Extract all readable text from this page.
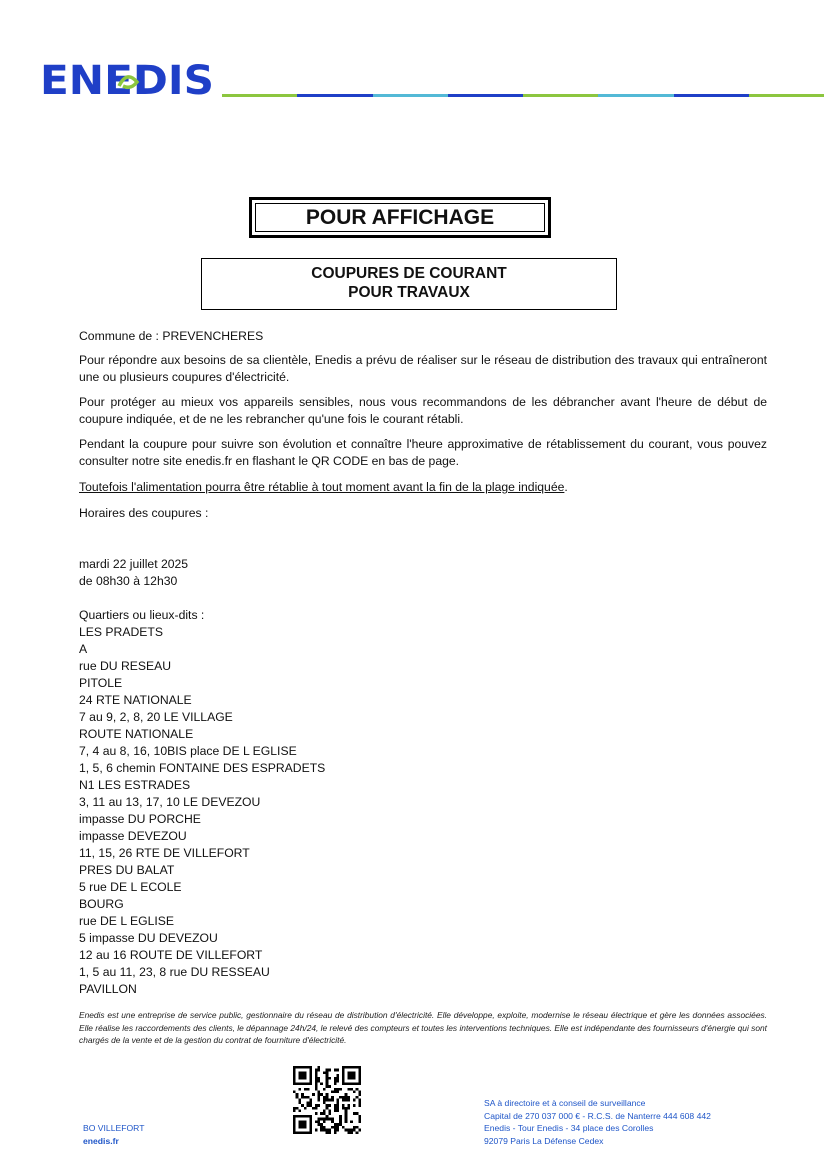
ENEDIS
POUR AFFICHAGE
COUPURES DE COURANT
POUR TRAVAUX
Commune de : PREVENCHERES
Pour répondre aux besoins de sa clientèle, Enedis a prévu de réaliser sur le réseau de distribution des travaux qui entraîneront une ou plusieurs coupures d'électricité.
Pour protéger au mieux vos appareils sensibles, nous vous recommandons de les débrancher avant l'heure de début de coupure indiquée, et de ne les rebrancher qu'une fois le courant rétabli.
Pendant la coupure pour suivre son évolution et connaître l'heure approximative de rétablissement du courant, vous pouvez consulter notre site enedis.fr en flashant le QR CODE en bas de page.
Toutefois l'alimentation pourra être rétablie à tout moment avant la fin de la plage indiquée.
Horaires des coupures :
mardi 22 juillet 2025
de 08h30 à 12h30
Quartiers ou lieux-dits :
LES PRADETS
A
rue DU RESEAU
PITOLE
24 RTE NATIONALE
7 au 9, 2, 8, 20 LE VILLAGE
ROUTE NATIONALE
7, 4 au 8, 16, 10BIS place DE L EGLISE
1, 5, 6 chemin FONTAINE DES ESPRADETS
N1 LES ESTRADES
3, 11 au 13, 17, 10 LE DEVEZOU
impasse DU PORCHE
impasse DEVEZOU
11, 15, 26 RTE DE VILLEFORT
PRES DU BALAT
5 rue DE L ECOLE
BOURG
rue DE L EGLISE
5 impasse DU DEVEZOU
12 au 16 ROUTE DE VILLEFORT
1, 5 au 11, 23, 8 rue DU RESSEAU
PAVILLON
Enedis est une entreprise de service public, gestionnaire du réseau de distribution d'électricité. Elle développe, exploite, modernise le réseau électrique et gère les données associées. Elle réalise les raccordements des clients, le dépannage 24h/24, le relevé des compteurs et toutes les interventions techniques. Elle est indépendante des fournisseurs d'énergie qui sont chargés de la vente et de la gestion du contrat de fourniture d'électricité.
BO VILLEFORT
enedis.fr
SA à directoire et à conseil de surveillance
Capital de 270 037 000 € - R.C.S. de Nanterre 444 608 442
Enedis - Tour Enedis - 34 place des Corolles
92079 Paris La Défense Cedex
